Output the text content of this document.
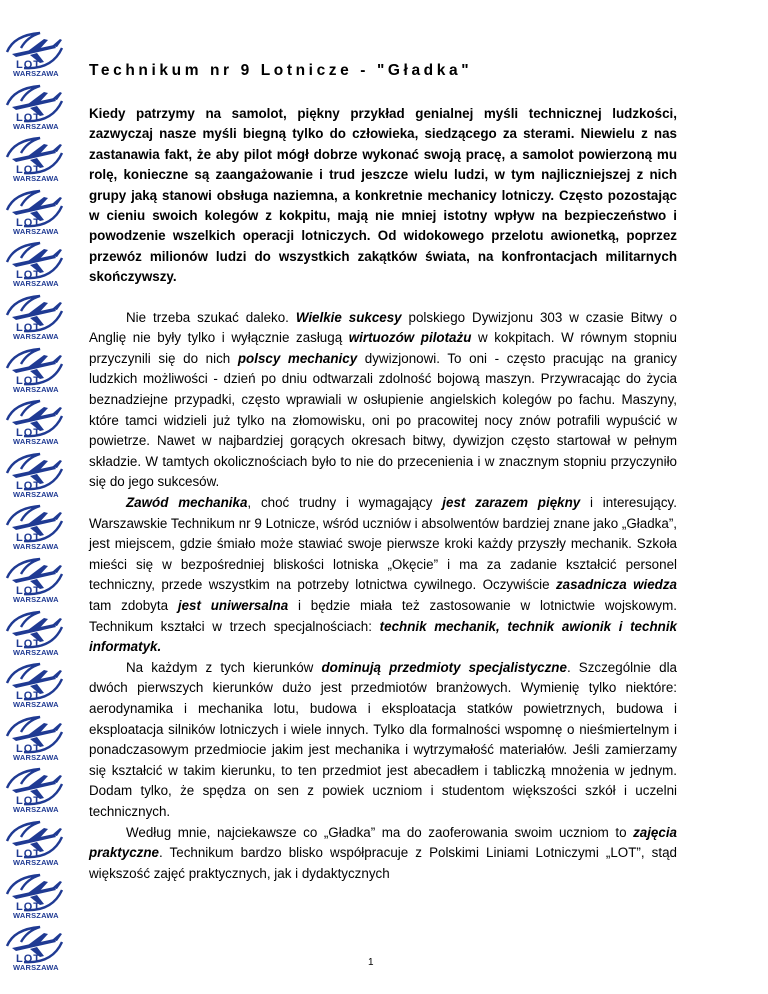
LOT
WARSZAWA
LOT
WARSZAWA
LOT
WARSZAWA
LOT
WARSZAWA
LOT
WARSZAWA
LOT
WARSZAWA
LOT
WARSZAWA
LOT
WARSZAWA
LOT
WARSZAWA
LOT
WARSZAWA
LOT
WARSZAWA
LOT
WARSZAWA
LOT
WARSZAWA
LOT
WARSZAWA
LOT
WARSZAWA
LOT
WARSZAWA
LOT
WARSZAWA
LOT
WARSZAWA
Technikum nr 9 Lotnicze - "Gładka"

Kiedy patrzymy na samolot, piękny przykład genialnej myśli technicznej ludzkości, zazwyczaj nasze myśli biegną tylko do człowieka, siedzącego za sterami. Niewielu z nas zastanawia fakt, że aby pilot mógł dobrze wykonać swoją pracę, a samolot powierzoną mu rolę, konieczne są zaangażowanie i trud jeszcze wielu ludzi, w tym najliczniejszej z nich grupy jaką stanowi obsługa naziemna, a konkretnie mechanicy lotniczy. Często pozostając w cieniu swoich kolegów z kokpitu, mają nie mniej istotny wpływ na bezpieczeństwo i powodzenie wszelkich operacji lotniczych. Od widokowego przelotu awionetką, poprzez przewóz milionów ludzi do wszystkich zakątków świata, na konfrontacjach militarnych skończywszy.

Nie trzeba szukać daleko. Wielkie sukcesy polskiego Dywizjonu 303 w czasie Bitwy o Anglię nie były tylko i wyłącznie zasługą wirtuozów pilotażu w kokpitach. W równym stopniu przyczynili się do nich polscy mechanicy dywizjonowi. To oni - często pracując na granicy ludzkich możliwości - dzień po dniu odtwarzali zdolność bojową maszyn. Przywracając do życia beznadziejne przypadki, często wprawiali w osłupienie angielskich kolegów po fachu. Maszyny, które tamci widzieli już tylko na złomowisku, oni po pracowitej nocy znów potrafili wypuścić w powietrze. Nawet w najbardziej gorących okresach bitwy, dywizjon często startował w pełnym składzie. W tamtych okolicznościach było to nie do przecenienia i w znacznym stopniu przyczyniło się do jego sukcesów.

Zawód mechanika, choć trudny i wymagający jest zarazem piękny i interesujący. Warszawskie Technikum nr 9 Lotnicze, wśród uczniów i absolwentów bardziej znane jako „Gładka”, jest miejscem, gdzie śmiało może stawiać swoje pierwsze kroki każdy przyszły mechanik. Szkoła mieści się w bezpośredniej bliskości lotniska „Okęcie” i ma za zadanie kształcić personel techniczny, przede wszystkim na potrzeby lotnictwa cywilnego. Oczywiście zasadnicza wiedza tam zdobyta jest uniwersalna i będzie miała też zastosowanie w lotnictwie wojskowym. Technikum kształci w trzech specjalnościach: technik mechanik, technik awionik i technik informatyk.

Na każdym z tych kierunków dominują przedmioty specjalistyczne. Szczególnie dla dwóch pierwszych kierunków dużo jest przedmiotów branżowych. Wymienię tylko niektóre: aerodynamika i mechanika lotu, budowa i eksploatacja statków powietrznych, budowa i eksploatacja silników lotniczych i wiele innych. Tylko dla formalności wspomnę o nieśmiertelnym i ponadczasowym przedmiocie jakim jest mechanika i wytrzymałość materiałów. Jeśli zamierzamy się kształcić w takim kierunku, to ten przedmiot jest abecadłem i tabliczką mnożenia w jednym. Dodam tylko, że spędza on sen z powiek uczniom i studentom większości szkół i uczelni technicznych.

Według mnie, najciekawsze co „Gładka” ma do zaoferowania swoim uczniom to zajęcia praktyczne. Technikum bardzo blisko współpracuje z Polskimi Liniami Lotniczymi „LOT”, stąd większość zajęć praktycznych, jak i dydaktycznych

1
